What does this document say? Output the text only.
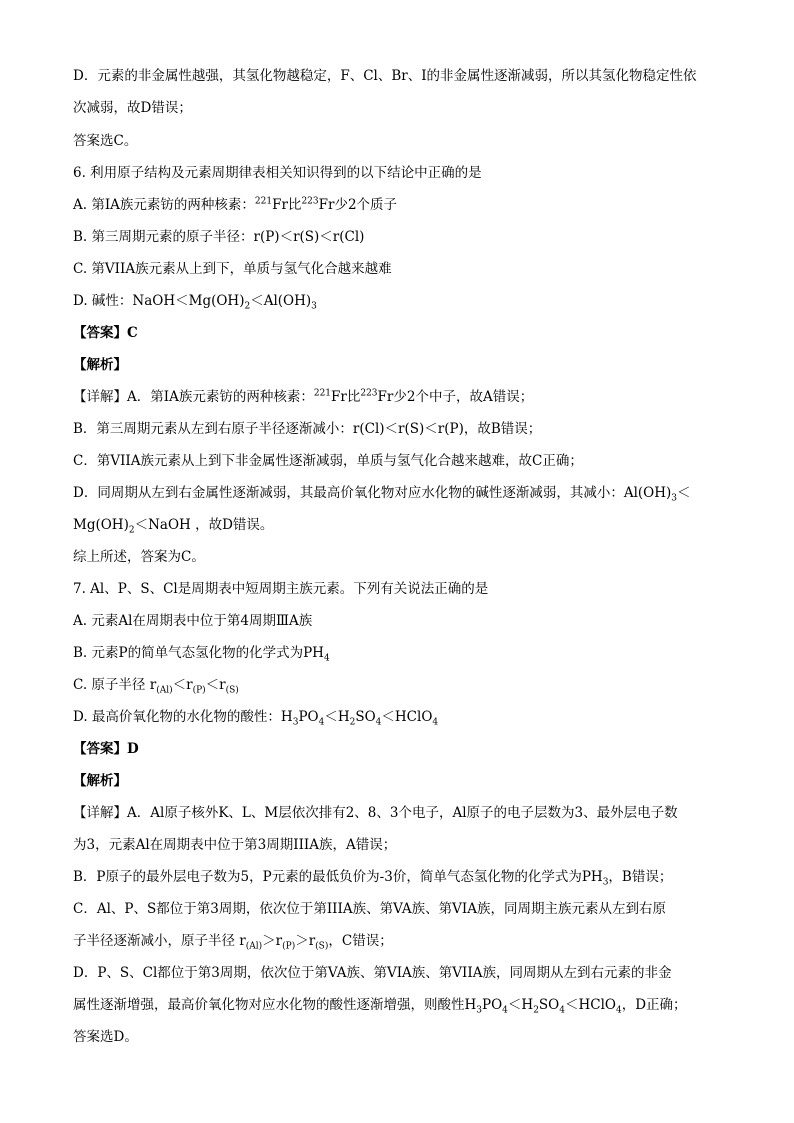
D．元素的非金属性越强，其氢化物越稳定，F、Cl、Br、I的非金属性逐渐减弱，所以其氢化物稳定性依
次减弱，故D错误；
答案选C。
6. 利用原子结构及元素周期律表相关知识得到的以下结论中正确的是
A. 第IA族元素钫的两种核素：$^{221}$Fr比$^{223}$Fr少2个质子
B. 第三周期元素的原子半径：r(P)＜r(S)＜r(Cl)
C. 第VIIA族元素从上到下，单质与氢气化合越来越难
D. 碱性：$NaOH<Mg(OH)_2<Al(OH)_3$
【答案】C
【解析】
【详解】A．第IA族元素钫的两种核素：$^{221}$Fr比$^{223}$Fr少2个中子，故A错误；
B．第三周期元素从左到右原子半径逐渐减小：r(Cl)＜r(S)＜r(P)，故B错误；
C．第VIIA族元素从上到下非金属性逐渐减弱，单质与氢气化合越来越难，故C正确；
D．同周期从左到右金属性逐渐减弱，其最高价氧化物对应水化物的碱性逐渐减弱，其减小：$Al(OH)_3<$
$Mg(OH)_2<NaOH$ ，故D错误。
综上所述，答案为C。
7. Al、P、S、Cl是周期表中短周期主族元素。下列有关说法正确的是
A. 元素Al在周期表中位于第4周期ⅢA族
B. 元素P的简单气态氢化物的化学式为$PH_4$
C. 原子半径 $r_{(Al)}<r_{(P)}<r_{(S)}$
D. 最高价氧化物的水化物的酸性：$H_3PO_4<H_2SO_4<HClO_4$
【答案】D
【解析】
【详解】A．Al原子核外K、L、M层依次排有2、8、3个电子，Al原子的电子层数为3、最外层电子数
为3，元素Al在周期表中位于第3周期IIIA族，A错误；
B．P原子的最外层电子数为5，P元素的最低负价为-3价，简单气态氢化物的化学式为$PH_3$，B错误；
C．Al、P、S都位于第3周期，依次位于第IIIA族、第VA族、第VIA族，同周期主族元素从左到右原
子半径逐渐减小，原子半径 $r_{(Al)}>r_{(P)}>r_{(S)}$，C错误；
D．P、S、Cl都位于第3周期，依次位于第VA族、第VIA族、第VIIA族，同周期从左到右元素的非金
属性逐渐增强，最高价氧化物对应水化物的酸性逐渐增强，则酸性$H_3PO_4<H_2SO_4<HClO_4$，D正确；
答案选D。
